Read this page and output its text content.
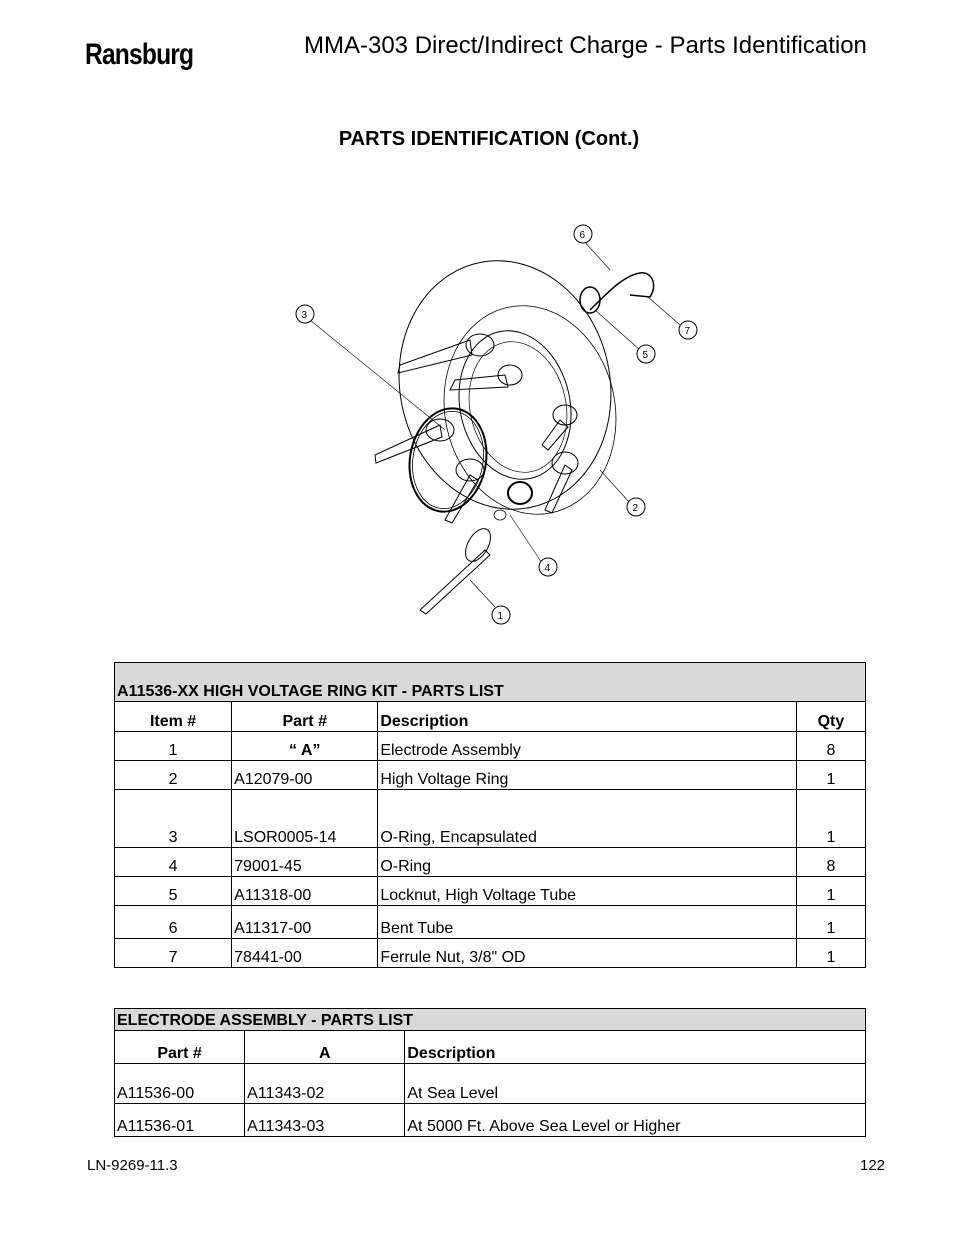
Ransburg	MMA-303 Direct/Indirect Charge - Parts Identification
PARTS IDENTIFICATION (Cont.)
3
6
7
5
2
4
1
A11536-XX HIGH VOLTAGE RING KIT - PARTS LIST			
Item #	Part #	Description	Qty
1	“ A”	Electrode Assembly	8
2	A12079-00	High Voltage Ring	1
3	LSOR0005-14	O-Ring, Encapsulated	1
4	79001-45	O-Ring	8
5	A11318-00	Locknut, High Voltage Tube	1
6	A11317-00	Bent Tube	1
7	78441-00	Ferrule Nut, 3/8" OD	1
ELECTRODE ASSEMBLY - PARTS LIST		
Part #	A	Description
A11536-00	A11343-02	At Sea Level
A11536-01	A11343-03	At 5000 Ft. Above Sea Level or Higher
LN-9269-11.3	122
